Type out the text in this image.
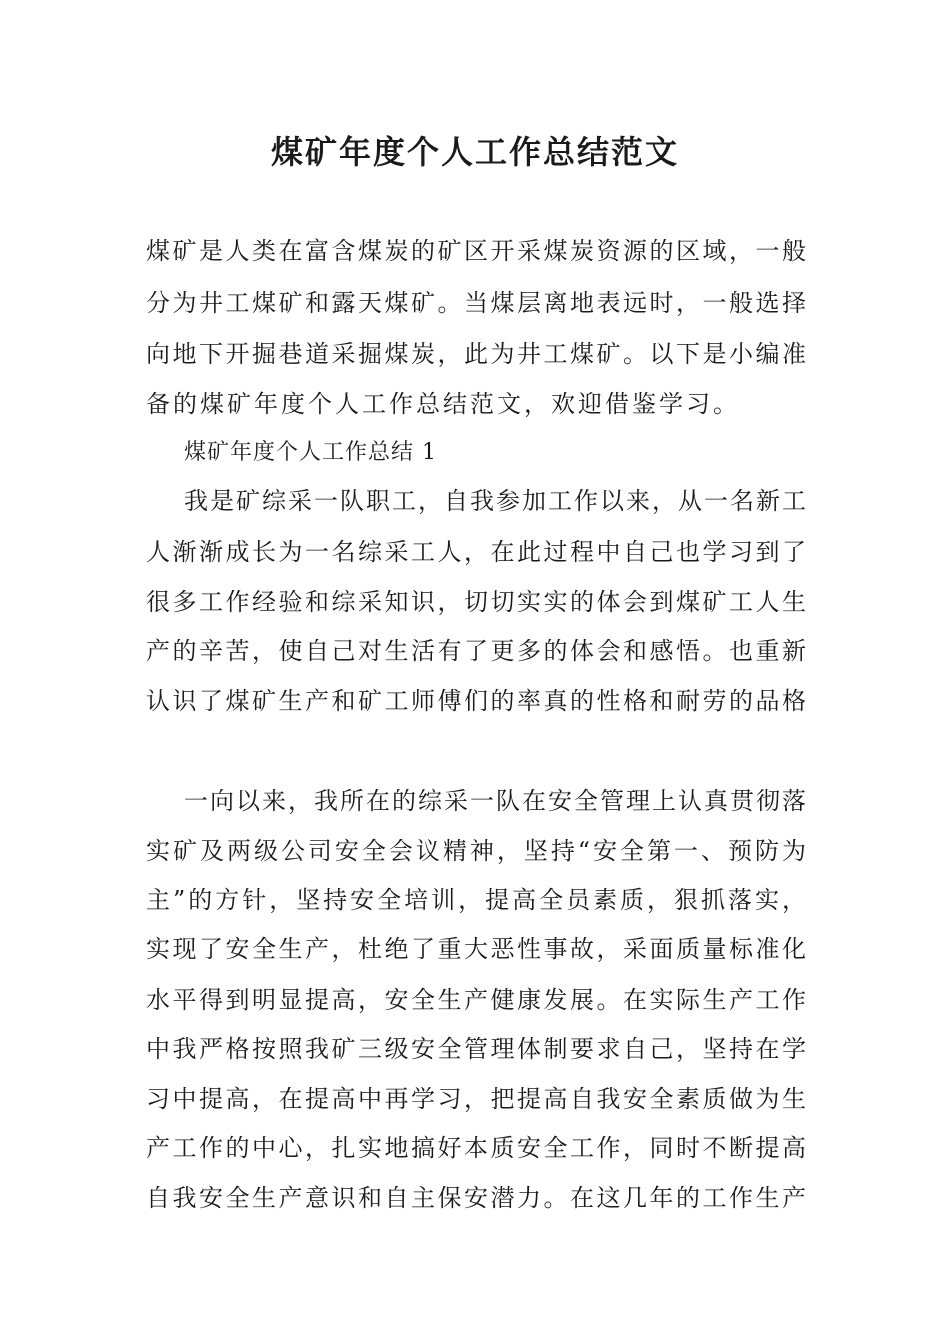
煤矿年度个人工作总结范文
煤矿是人类在富含煤炭的矿区开采煤炭资源的区域，一般
分为井工煤矿和露天煤矿。当煤层离地表远时，一般选择
向地下开掘巷道采掘煤炭，此为井工煤矿。以下是小编准
备的煤矿年度个人工作总结范文，欢迎借鉴学习。
煤矿年度个人工作总结 1
我是矿综采一队职工，自我参加工作以来，从一名新工
人渐渐成长为一名综采工人，在此过程中自己也学习到了
很多工作经验和综采知识，切切实实的体会到煤矿工人生
产的辛苦，使自己对生活有了更多的体会和感悟。也重新
认识了煤矿生产和矿工师傅们的率真的性格和耐劳的品格
一向以来，我所在的综采一队在安全管理上认真贯彻落
实矿及两级公司安全会议精神，坚持“安全第一、预防为
主”的方针，坚持安全培训，提高全员素质，狠抓落实，
实现了安全生产，杜绝了重大恶性事故，采面质量标准化
水平得到明显提高，安全生产健康发展。在实际生产工作
中我严格按照我矿三级安全管理体制要求自己，坚持在学
习中提高，在提高中再学习，把提高自我安全素质做为生
产工作的中心，扎实地搞好本质安全工作，同时不断提高
自我安全生产意识和自主保安潜力。在这几年的工作生产
